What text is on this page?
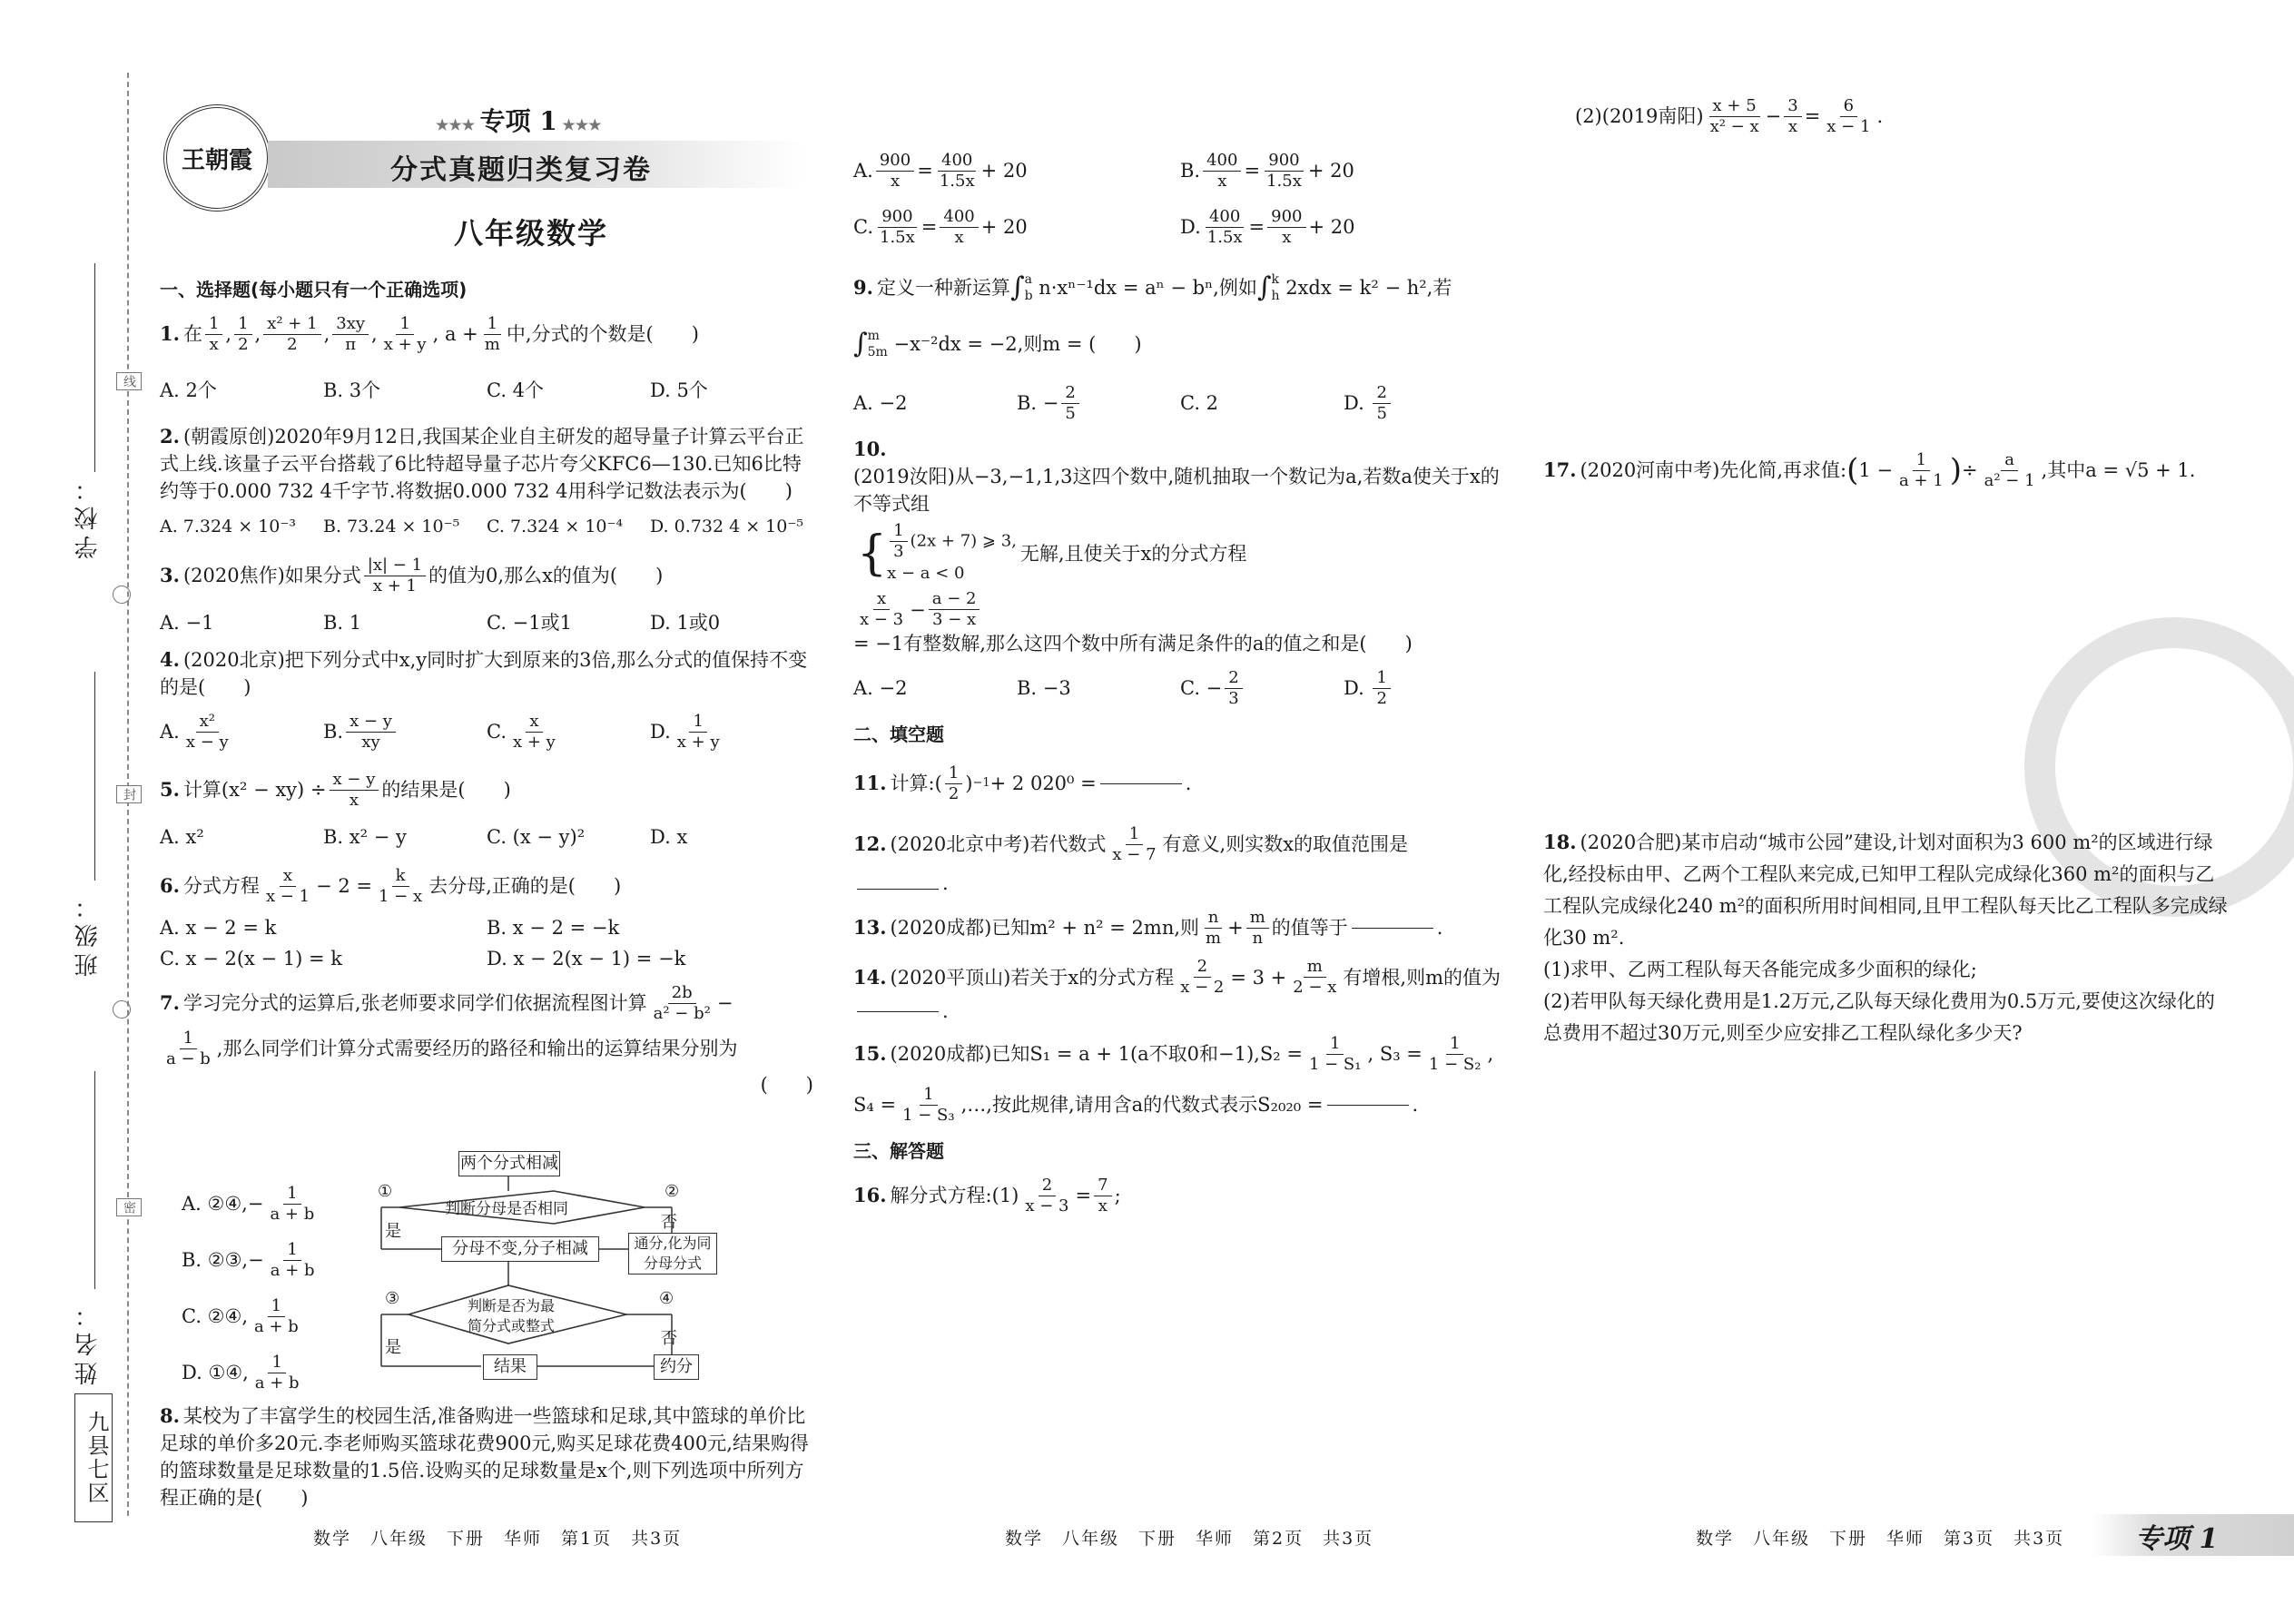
学校：
班级：
姓名：
线
封
密
九县七区
王朝霞
★★★ 专项 1 ★★★
分式真题归类复习卷
八年级数学
一、选择题(每小题只有一个正确选项)
1. 在 $\frac{1}{x}$ , $\frac{1}{2}$ , $\frac{\text{x² + 1}}{2}$ , $\frac{3xy}{\pi}$ , $\frac{1}{x + y}$ , $a + \frac{1}{m}$ 中,分式的个数是(　　)
A. 2个	B. 3个	C. 4个	D. 5个
2. (朝霞原创)2020年9月12日,我国某企业自主研发的超导量子计算云平台正式上线.该量子云平台搭载了6比特超导量子芯片夸父KFC6—130.已知6比特约等于0.000 732 4千字节.将数据0.000 732 4用科学记数法表示为(　　)
A. 7.324 × 10⁻³	B. 73.24 × 10⁻⁵	C. 7.324 × 10⁻⁴	D. 0.732 4 × 10⁻⁵
3. (2020焦作)如果分式 $\frac{|x| - 1}{x + 1}$ 的值为0,那么x的值为(　　)
A. −1	B. 1	C. −1或1	D. 1或0
4. (2020北京)把下列分式中x,y同时扩大到原来的3倍,那么分式的值保持不变的是(　　)
A. $\frac{\text{x²}}{x - y}$	B. $\frac{x - y}{xy}$	C. $\frac{x}{x + y}$	D. $\frac{1}{x + y}$
5. 计算$(x^2 - xy) \div \frac{x - y}{x}$ 的结果是(　　)
A. x²	B. x² − y	C. (x − y)²	D. x
6. 分式方程 $\frac{x}{x - 1} - 2 = \frac{k}{1 - x}$ 去分母,正确的是(　　)
A. x − 2 = k	B. x − 2 = −k
C. x − 2(x − 1) = k	D. x − 2(x − 1) = −k
7. 学习完分式的运算后,张老师要求同学们依据流程图计算 $\frac{2b}{\text{a² − b²}}$ −
$\frac{1}{a - b}$ ,那么同学们计算分式需要经历的路径和输出的运算结果分别为
(　　)
A. ②④, − $\frac{1}{a + b}$
B. ②③, − $\frac{1}{a + b}$
C. ②④, $\frac{1}{a + b}$
D. ①④, $\frac{1}{a + b}$
两个分式相减
判断分母是否相同
分母不变,分子相减	通分,化为同分母分式
判断是否为最简分式或整式
结果	约分
①
是
②
否
③
是
④
否
8. 某校为了丰富学生的校园生活,准备购进一些篮球和足球,其中篮球的单价比足球的单价多20元.李老师购买篮球花费900元,购买足球花费400元,结果购得的篮球数量是足球数量的1.5倍.设购买的足球数量是x个,则下列选项中所列方程正确的是(　　)
A. $\frac{900}{x} = \frac{400}{1.5x} + 20$	B. $\frac{400}{x} = \frac{900}{1.5x} + 20$
C. $\frac{900}{1.5x} = \frac{400}{x} + 20$	D. $\frac{400}{1.5x} = \frac{900}{x} + 20$
9. 定义一种新运算 ∫ a
b n·xⁿ⁻¹dx = aⁿ − bⁿ, 例如 ∫ k
h 2xdx = k² − h², 若
∫ m
5m −x⁻²dx = −2, 则m = (　　)
A. −2	B. − $\frac{2}{5}$	C. 2	D.
$\frac{2}{5}$
10.
(2019汝阳)从−3,−1,1,3这四个数中,随机抽取一个数记为a,若数a使关于x的不等式组
{ $\frac{1}{3} (2x + 7)$ ⩾ 3,
x − a < 0
无解,且使关于x的分式方程
$\frac{x}{x - 3} - \frac{a - 2}{3 - x}$
= −1有整数解,那么这四个数中所有满足条件的a的值之和是(　　)
A. −2	B. −3	C. − $\frac{2}{3}$	D.
$\frac{1}{2}$
二、填空题
11. 计算: ( $\frac{1}{2}$ ) −1 + 2 020⁰ =	.
12. (2020北京中考)若代数式 $\frac{1}{x - 7}$ 有意义,则实数x的取值范围是
.
13. (2020成都)已知m² + n² = 2mn,则 $\frac{n}{m} + \frac{m}{n}$ 的值等于	.
14. (2020平顶山)若关于x的分式方程 $\frac{2}{x - 2} = 3 + \frac{m}{2 - x}$ 有增根,则m的值为
.
15. (2020成都)已知S₁ = a + 1(a不取0和−1), $S_2 = \frac{1}{\text{1 − S₁}}$ , $S_3 = \frac{1}{\text{1 − S₂}}$ ,
$S_4 = \frac{1}{\text{1 − S₃}}$ ,…,按此规律,请用含a的代数式表示S₂₀₂₀ =	.
三、解答题
16. 解分式方程:(1) $\frac{2}{x - 3} = \frac{7}{x}$ ;
(2)(2019南阳) $\frac{x + 5}{\text{x² − x}} - \frac{3}{x} = \frac{6}{x - 1}$ .
17. (2020河南中考)先化简,再求值: ( $1 - \frac{1}{a + 1}$ ) ÷ $\frac{a}{\text{a² − 1}}$ ,其中a = √5 + 1.
18. (2020合肥)某市启动“城市公园”建设,计划对面积为3 600 m²的区域进行绿化,经投标由甲、乙两个工程队来完成,已知甲工程队完成绿化360 m²的面积与乙工程队完成绿化240 m²的面积所用时间相同,且甲工程队每天比乙工程队多完成绿化30 m².
(1)求甲、乙两工程队每天各能完成多少面积的绿化;
(2)若甲队每天绿化费用是1.2万元,乙队每天绿化费用为0.5万元,要使这次绿化的总费用不超过30万元,则至少应安排乙工程队绿化多少天?
数学　八年级　下册　华师　第1页　共3页	数学　八年级　下册　华师　第2页　共3页	数学　八年级　下册　华师　第3页　共3页	专项 1
